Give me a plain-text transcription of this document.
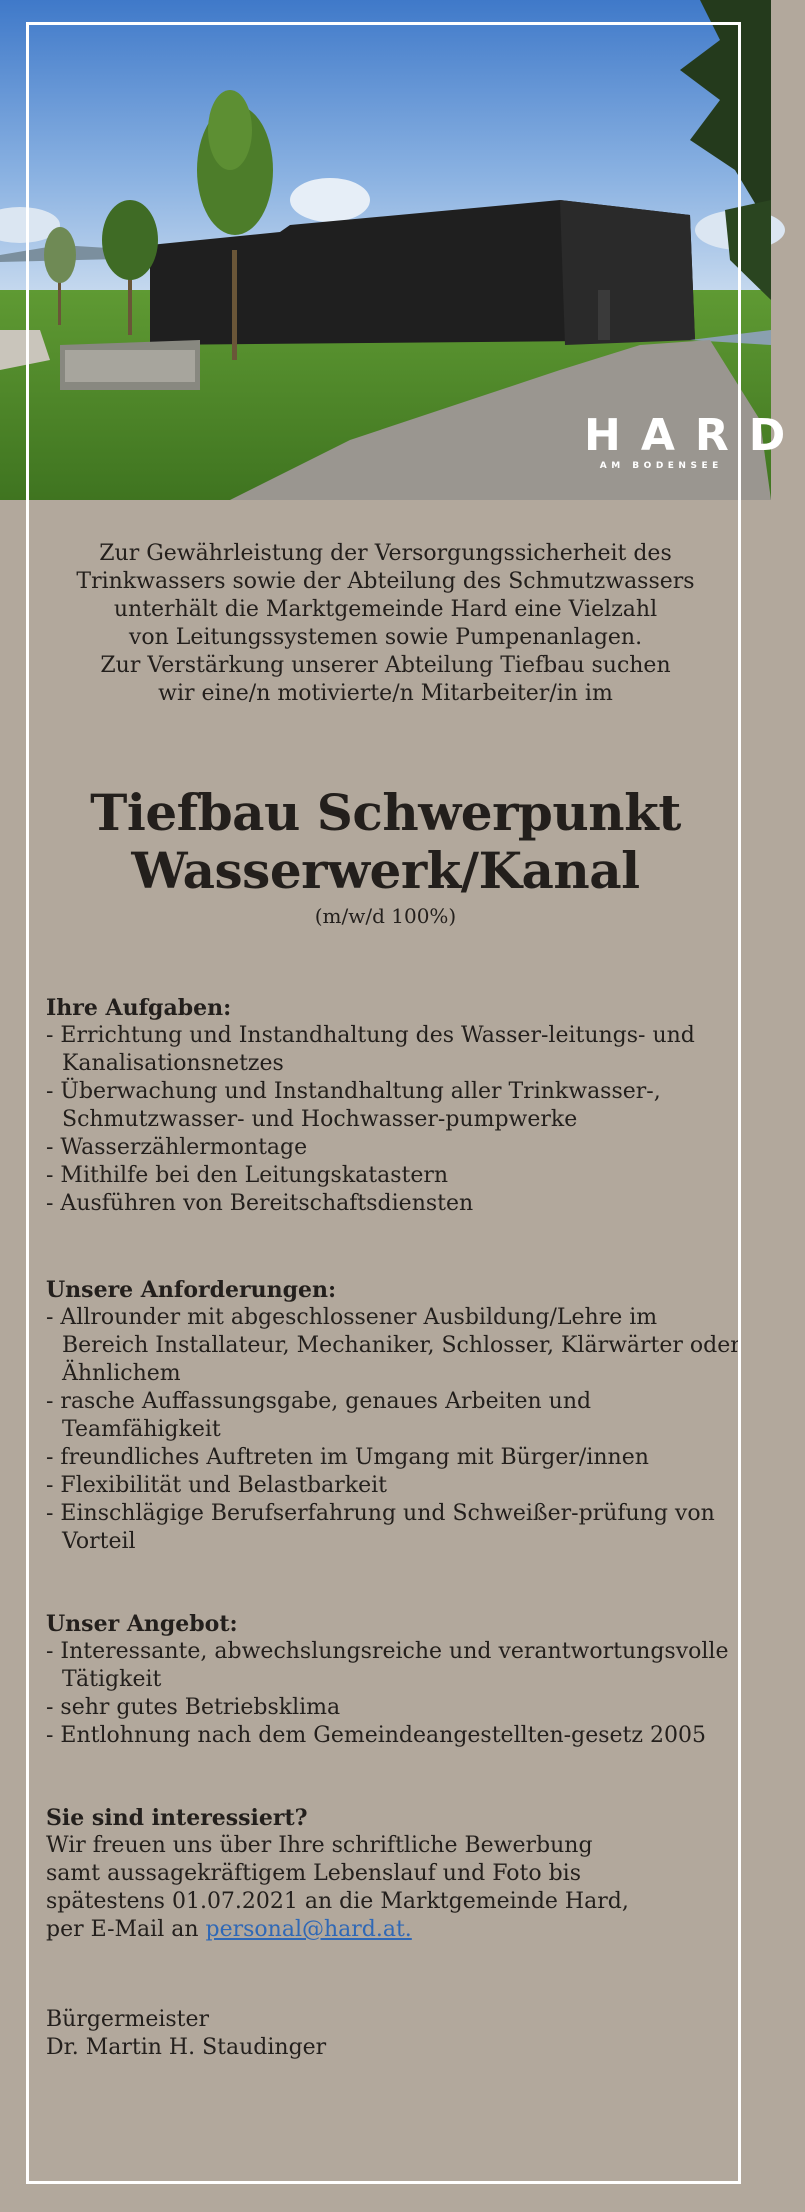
HARD
AM BODENSEE

Zur Gewährleistung der Versorgungssicherheit des

Trinkwassers sowie der Abteilung des Schmutzwassers

unterhält die Marktgemeinde Hard eine Vielzahl

von Leitungssystemen sowie Pumpenanlagen.

Zur Verstärkung unserer Abteilung Tiefbau suchen

wir eine/n motivierte/n Mitarbeiter/in im

Tiefbau Schwerpunkt
Wasserwerk/Kanal
(m/w/d 100%)
Ihre Aufgaben:
- Errichtung und Instandhaltung des Wasser-leitungs- und Kanalisationsnetzes
- Überwachung und Instandhaltung aller Trinkwasser-, Schmutzwasser- und Hochwasser-pumpwerke
- Wasserzählermontage
- Mithilfe bei den Leitungskatastern
- Ausführen von Bereitschaftsdiensten
Unsere Anforderungen:
- Allrounder mit abgeschlossener Ausbildung/Lehre im Bereich Installateur, Mechaniker, Schlosser, Klärwärter oder Ähnlichem
- rasche Auffassungsgabe, genaues Arbeiten und Teamfähigkeit
- freundliches Auftreten im Umgang mit Bürger/innen
- Flexibilität und Belastbarkeit
- Einschlägige Berufserfahrung und Schweißer-prüfung von Vorteil
Unser Angebot:
- Interessante, abwechslungsreiche und verantwortungsvolle Tätigkeit
- sehr gutes Betriebsklima
- Entlohnung nach dem Gemeindeangestellten-gesetz 2005
Sie sind interessiert?

Wir freuen uns über Ihre schriftliche Bewerbung

samt aussagekräftigem Lebenslauf und Foto bis

spätestens 01.07.2021 an die Marktgemeinde Hard,

per E-Mail an personal@hard.at.

Bürgermeister

Dr. Martin H. Staudinger
